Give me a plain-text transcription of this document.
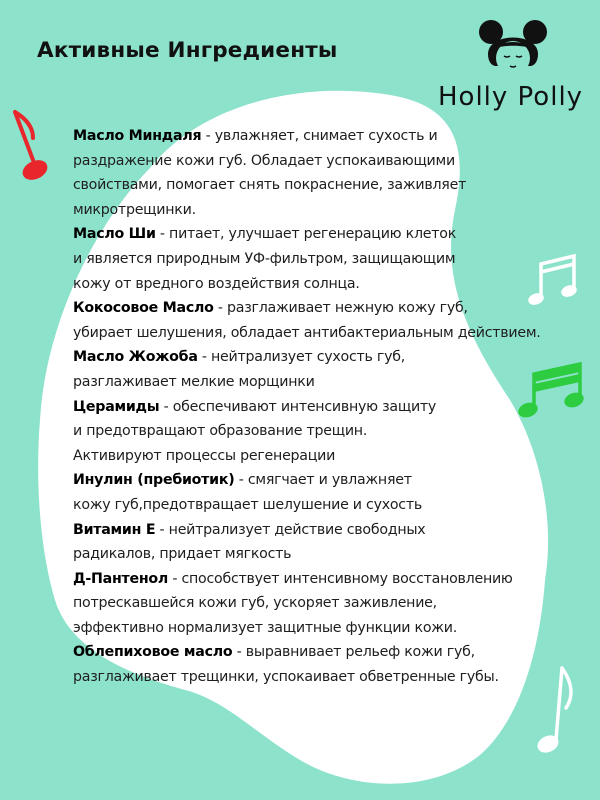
Активные Ингредиенты
Holly Polly
Масло Миндаля - увлажняет, снимает сухость и
раздражение кожи губ. Обладает успокаивающими
свойствами, помогает снять покраснение, заживляет
микротрещинки.
Масло Ши - питает, улучшает регенерацию клеток
и является природным УФ-фильтром, защищающим
кожу от вредного воздействия солнца.
Кокосовое Масло - разглаживает нежную кожу губ,
убирает шелушения, обладает антибактериальным действием.
Масло Жожоба - нейтрализует сухость губ,
разглаживает мелкие морщинки
Церамиды - обеспечивают интенсивную защиту
и предотвращают образование трещин.
Активируют процессы регенерации
Инулин (пребиотик) - смягчает и увлажняет
кожу губ,предотвращает шелушение и сухость
Витамин Е - нейтрализует действие свободных
радикалов, придает мягкость
Д-Пантенол - способствует интенсивному восстановлению
потрескавшейся кожи губ, ускоряет заживление,
эффективно нормализует защитные функции кожи.
Облепиховое масло - выравнивает рельеф кожи губ,
разглаживает трещинки, успокаивает обветренные губы.
